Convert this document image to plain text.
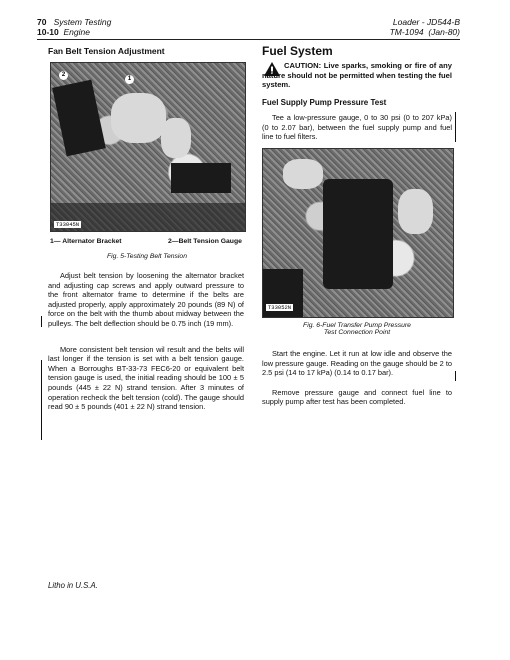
70 System Testing
10-10 Engine
Loader - JD544-B
TM-1094 (Jan-80)
Fan Belt Tension Adjustment
1
2
T33045N
1— Alternator Bracket	2—Belt Tension Gauge
Fig. 5-Testing Belt Tension

Adjust belt tension by loosening the alternator bracket and adjusting cap screws and apply outward pressure to the front alternator frame to determine if the belts are adjusted properly, apply approximately 20 pounds (89 N) of force on the belt with the thumb about midway between the pulleys. The belt deflection should be 0.75 inch (19 mm).

More consistent belt tension wil result and the belts will last longer if the tension is set with a belt tension gauge. When a Borroughs BT-33-73 FEC6-20 or equivalent belt tension gauge is used, the initial reading should be 100 ± 5 pounds (445 ± 22 N) strand tension. After 3 minutes of operation recheck the belt tension (cold). The gauge should read 90 ± 5 pounds (401 ± 22 N) strand tension.

Fuel System

CAUTION: Live sparks, smoking or fire of any nature should not be permitted when testing the fuel system.

Fuel Supply Pump Pressure Test

Tee a low-pressure gauge, 0 to 30 psi (0 to 207 kPa) (0 to 2.07 bar), between the fuel supply pump and fuel line to fuel filters.

T33052N
Fig. 6-Fuel Transfer Pump Pressure
Test Connection Point

Start the engine. Let it run at low idle and observe the low pressure gauge. Reading on the gauge should be 2 to 2.5 psi (14 to 17 kPa) (0.14 to 0.17 bar).

Remove pressure gauge and connect fuel line to supply pump after test has been completed.

Litho in U.S.A.
